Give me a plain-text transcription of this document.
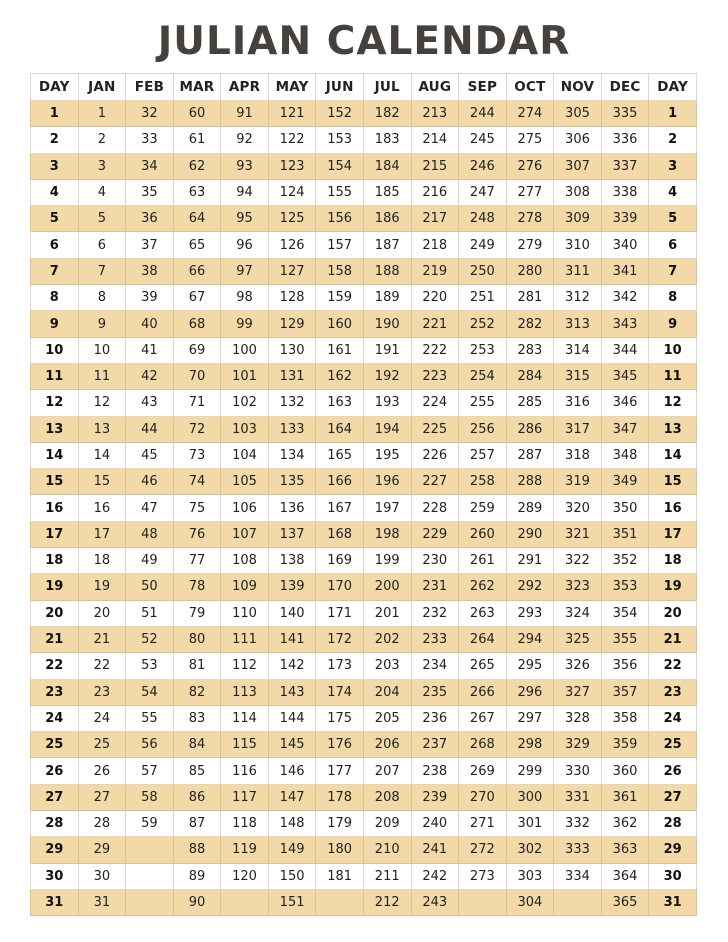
JULIAN CALENDAR
DAY	JAN	FEB	MAR	APR	MAY	JUN	JUL	AUG	SEP	OCT	NOV	DEC	DAY
1	1	32	60	91	121	152	182	213	244	274	305	335	1
2	2	33	61	92	122	153	183	214	245	275	306	336	2
3	3	34	62	93	123	154	184	215	246	276	307	337	3
4	4	35	63	94	124	155	185	216	247	277	308	338	4
5	5	36	64	95	125	156	186	217	248	278	309	339	5
6	6	37	65	96	126	157	187	218	249	279	310	340	6
7	7	38	66	97	127	158	188	219	250	280	311	341	7
8	8	39	67	98	128	159	189	220	251	281	312	342	8
9	9	40	68	99	129	160	190	221	252	282	313	343	9
10	10	41	69	100	130	161	191	222	253	283	314	344	10
11	11	42	70	101	131	162	192	223	254	284	315	345	11
12	12	43	71	102	132	163	193	224	255	285	316	346	12
13	13	44	72	103	133	164	194	225	256	286	317	347	13
14	14	45	73	104	134	165	195	226	257	287	318	348	14
15	15	46	74	105	135	166	196	227	258	288	319	349	15
16	16	47	75	106	136	167	197	228	259	289	320	350	16
17	17	48	76	107	137	168	198	229	260	290	321	351	17
18	18	49	77	108	138	169	199	230	261	291	322	352	18
19	19	50	78	109	139	170	200	231	262	292	323	353	19
20	20	51	79	110	140	171	201	232	263	293	324	354	20
21	21	52	80	111	141	172	202	233	264	294	325	355	21
22	22	53	81	112	142	173	203	234	265	295	326	356	22
23	23	54	82	113	143	174	204	235	266	296	327	357	23
24	24	55	83	114	144	175	205	236	267	297	328	358	24
25	25	56	84	115	145	176	206	237	268	298	329	359	25
26	26	57	85	116	146	177	207	238	269	299	330	360	26
27	27	58	86	117	147	178	208	239	270	300	331	361	27
28	28	59	87	118	148	179	209	240	271	301	332	362	28
29	29		88	119	149	180	210	241	272	302	333	363	29
30	30		89	120	150	181	211	242	273	303	334	364	30
31	31		90		151		212	243		304		365	31
